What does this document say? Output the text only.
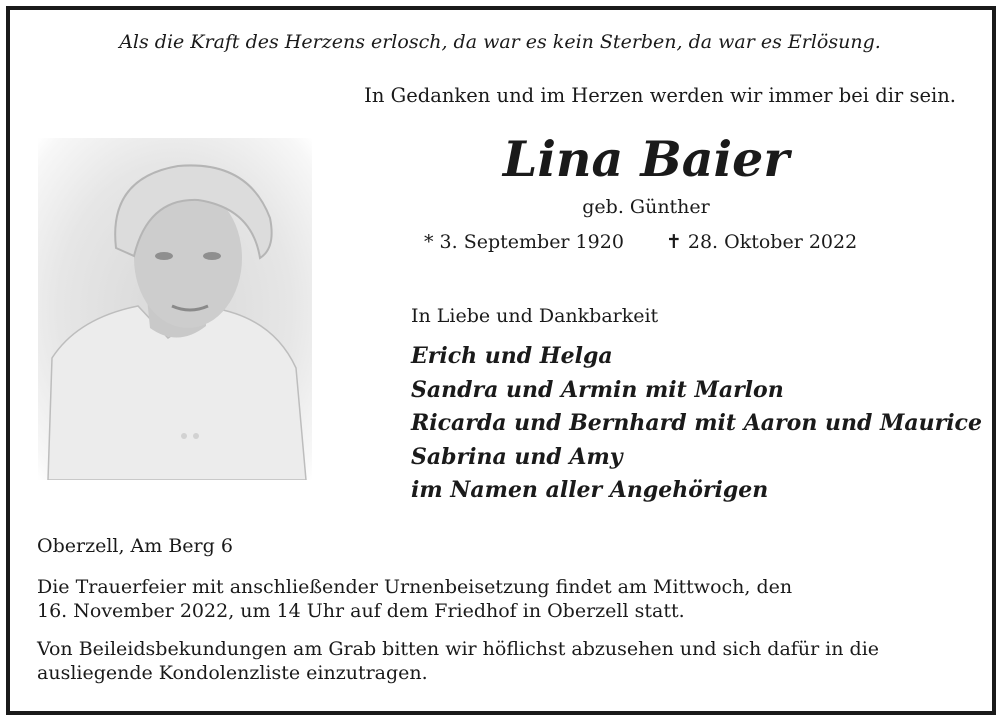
Als die Kraft des Herzens erlosch, da war es kein Sterben, da war es Erlösung.
In Gedanken und im Herzen werden wir immer bei dir sein.
Lina Baier
geb. Günther
* 3. September 1920 ✝ 28. Oktober 2022
In Liebe und Dankbarkeit
Erich und Helga
Sandra und Armin mit Marlon
Ricarda und Bernhard mit Aaron und Maurice
Sabrina und Amy
im Namen aller Angehörigen
Oberzell, Am Berg 6
Die Trauerfeier mit anschließender Urnenbeisetzung findet am Mittwoch, den
16. November 2022, um 14 Uhr auf dem Friedhof in Oberzell statt.
Von Beileidsbekundungen am Grab bitten wir höflichst abzusehen und sich dafür in die
ausliegende Kondolenzliste einzutragen.
